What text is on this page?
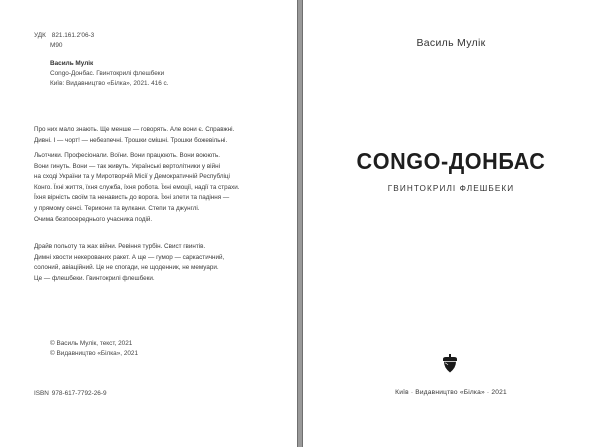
УДК 821.161.2'06-3
М90
Василь Мулік
Congo-Донбас. Гвинтокрилі флешбеки
Київ: Видавництво «Білка», 2021. 416 с.
Про них мало знають. Ще менше — говорять. Але вони є. Справжні.
Дивні. І — чорт! — небезпечні. Трошки смішні. Трошки божевільні.
Льотчики. Професіонали. Воїни. Вони працюють. Вони воюють.
Вони гинуть. Вони — так живуть. Українські вертолітники у війні
на сході України та у Миротворчій Місії у Демократичній Республіці
Конго. Їхні життя, їхня служба, їхня робота. Їхні емоції, надії та страхи.
Їхня вірність своїм та ненависть до ворога. Їхні злети та падіння —
у прямому сенсі. Терикони та вулкани. Степи та джунглі.
Очима безпосереднього учасника подій.
Драйв польоту та жах війни. Ревіння турбін. Свист гвинтів.
Димні хвости некерованих ракет. А ще — гумор — саркастичний,
солоний, авіаційний. Це не спогади, не щоденник, не мемуари.
Це — флешбеки. Гвинтокрилі флешбеки.
© Василь Мулік, текст, 2021
© Видавництво «Білка», 2021
ISBN 978-617-7792-26-9
Василь Мулік
CONGO-ДОНБАС
ГВИНТОКРИЛІ ФЛЕШБЕКИ
Київ · Видавництво «Білка» · 2021
